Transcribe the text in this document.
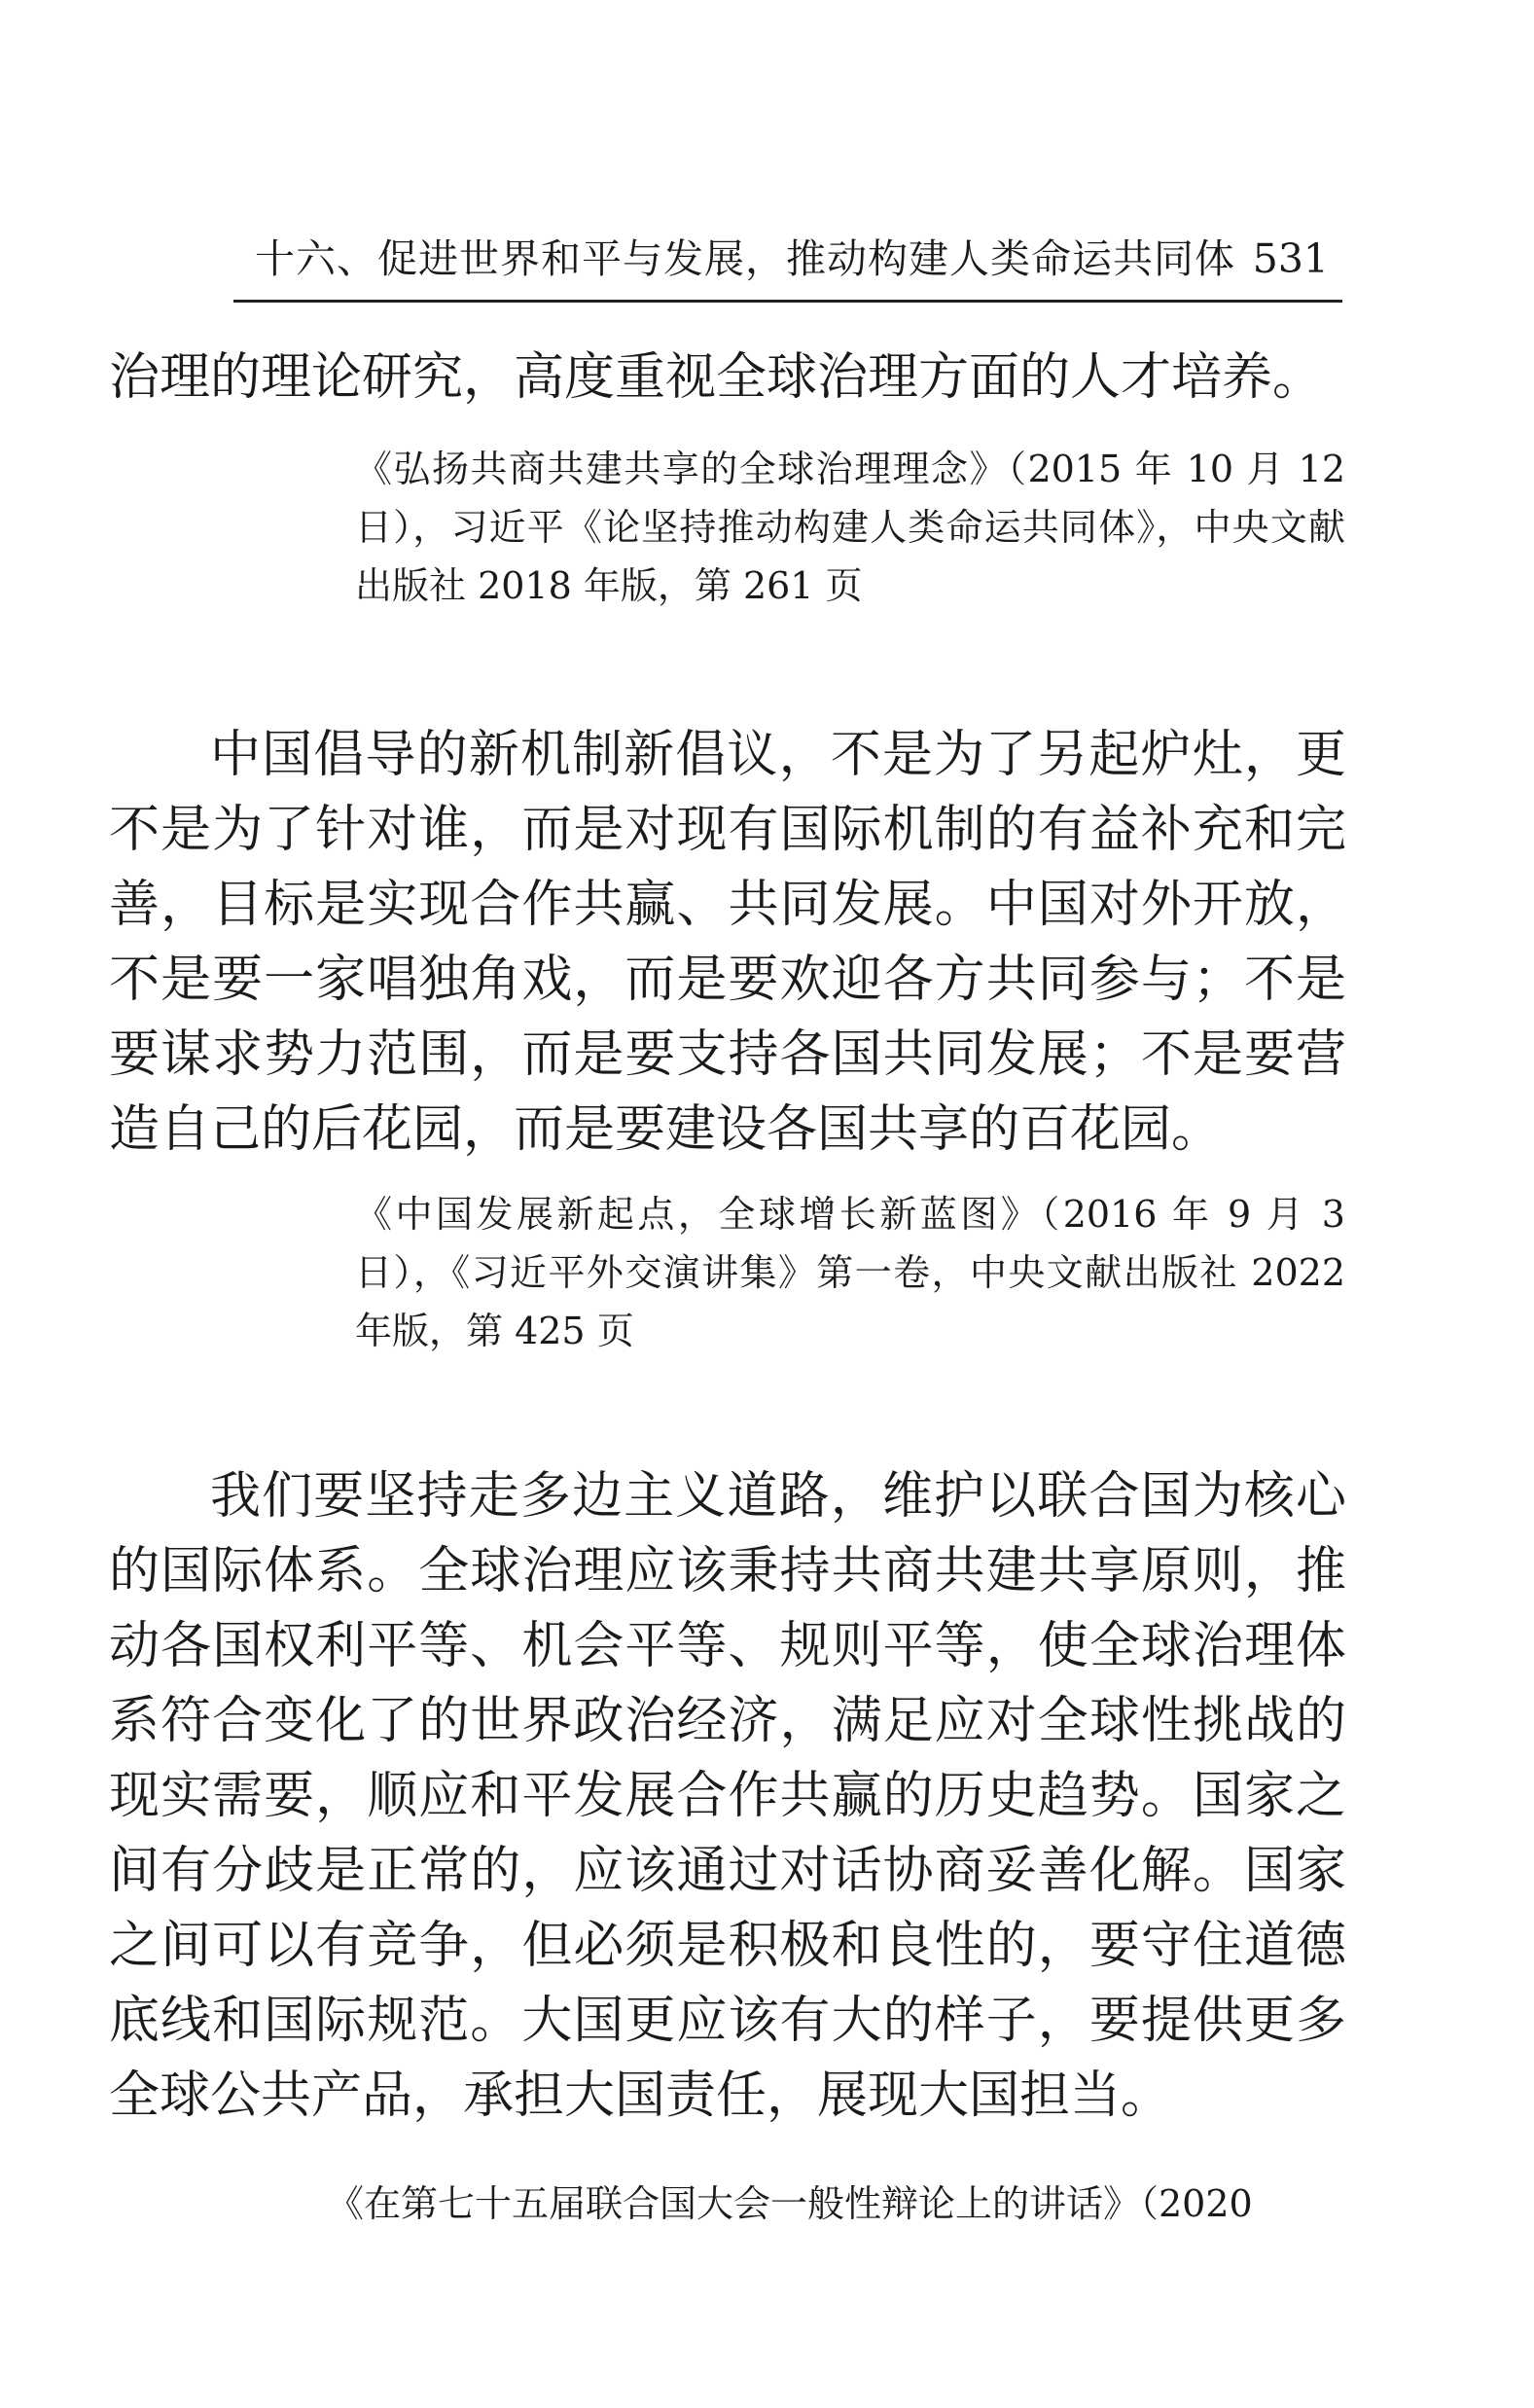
十六、促进世界和平与发展，推动构建人类命运共同体 531

治理的理论研究，高度重视全球治理方面的人才培养。

《弘扬共商共建共享的全球治理理念》（2015 年 10 月 12 日），习近平《论坚持推动构建人类命运共同体》，中央文献出版社 2018 年版，第 261 页

中国倡导的新机制新倡议，不是为了另起炉灶，更不是为了针对谁，而是对现有国际机制的有益补充和完善，目标是实现合作共赢、共同发展。中国对外开放，不是要一家唱独角戏，而是要欢迎各方共同参与；不是要谋求势力范围，而是要支持各国共同发展；不是要营造自己的后花园，而是要建设各国共享的百花园。

《中国发展新起点，全球增长新蓝图》（2016 年 9 月 3 日），《习近平外交演讲集》第一卷，中央文献出版社 2022 年版，第 425 页

我们要坚持走多边主义道路，维护以联合国为核心的国际体系。全球治理应该秉持共商共建共享原则，推动各国权利平等、机会平等、规则平等，使全球治理体系符合变化了的世界政治经济，满足应对全球性挑战的现实需要，顺应和平发展合作共赢的历史趋势。国家之间有分歧是正常的，应该通过对话协商妥善化解。国家之间可以有竞争，但必须是积极和良性的，要守住道德底线和国际规范。大国更应该有大的样子，要提供更多全球公共产品，承担大国责任，展现大国担当。

《在第七十五届联合国大会一般性辩论上的讲话》（2020
